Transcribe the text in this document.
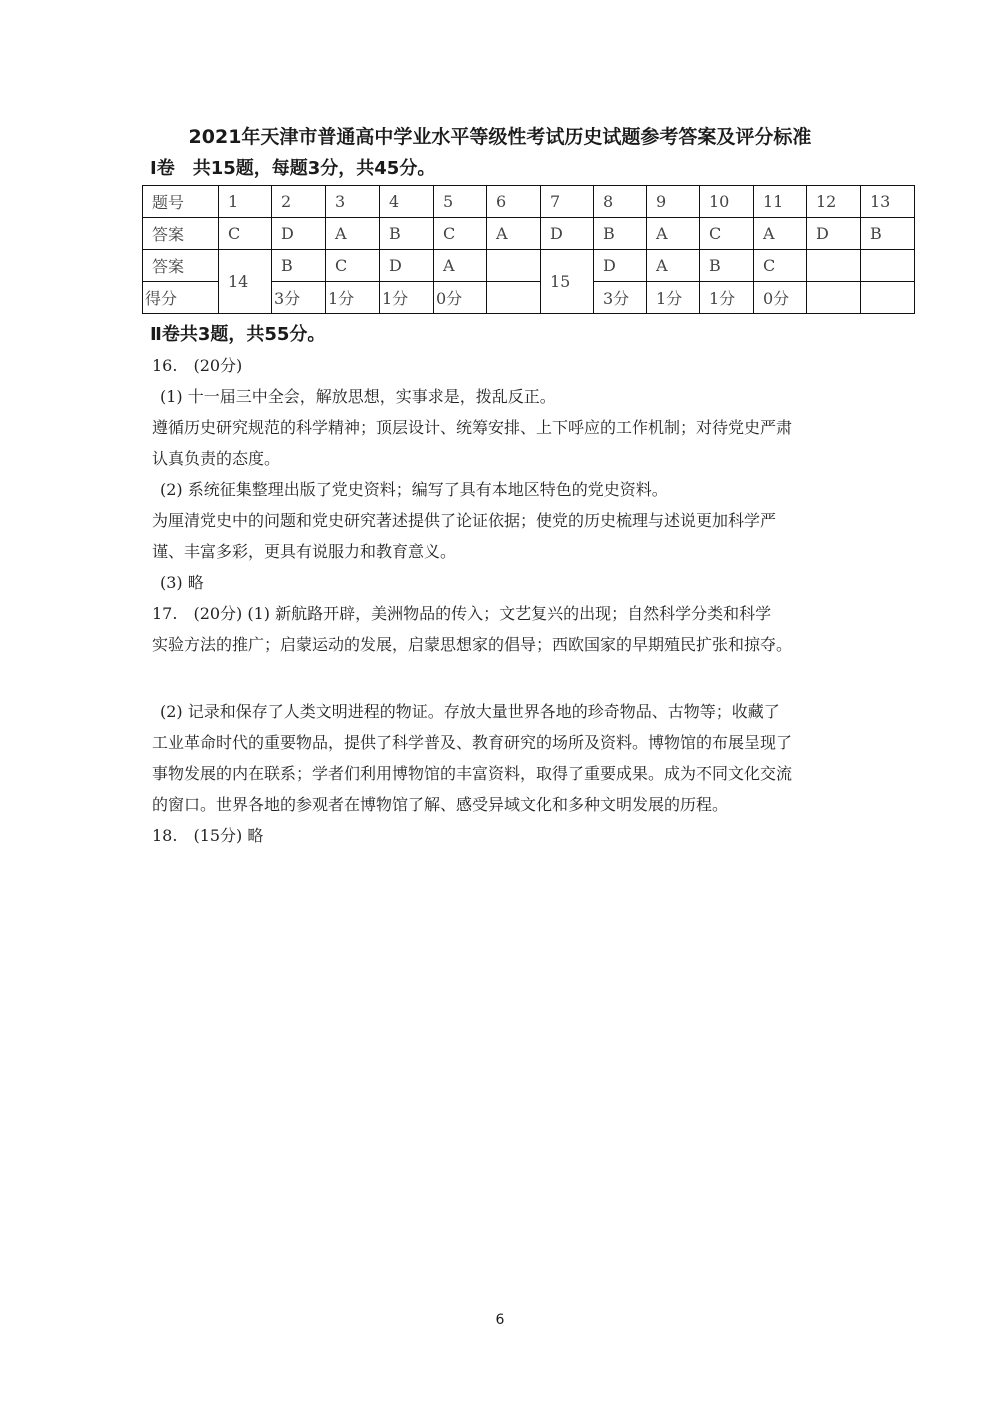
2021年天津市普通高中学业水平等级性考试历史试题参考答案及评分标准
Ⅰ卷　共15题，每题3分，共45分。
题号	1	2	3	4	5	6	7	8	9	10	11	12	13
答案	C	D	A	B	C	A	D	B	A	C	A	D	B
答案	14	B	C	D	A		15	D	A	B	C		
得分		3分	1分	1分	0分			3分	1分	1分	0分		
Ⅱ卷共3题，共55分。
16.　(20分)
(1) 十一届三中全会，解放思想，实事求是，拨乱反正。
遵循历史研究规范的科学精神；顶层设计、统筹安排、上下呼应的工作机制；对待党史严肃
认真负责的态度。
(2) 系统征集整理出版了党史资料；编写了具有本地区特色的党史资料。
为厘清党史中的问题和党史研究著述提供了论证依据；使党的历史梳理与述说更加科学严
谨、丰富多彩，更具有说服力和教育意义。
(3) 略
17.　(20分) (1) 新航路开辟，美洲物品的传入；文艺复兴的出现；自然科学分类和科学
实验方法的推广；启蒙运动的发展，启蒙思想家的倡导；西欧国家的早期殖民扩张和掠夺。
(2) 记录和保存了人类文明进程的物证。存放大量世界各地的珍奇物品、古物等；收藏了
工业革命时代的重要物品，提供了科学普及、教育研究的场所及资料。博物馆的布展呈现了
事物发展的内在联系；学者们利用博物馆的丰富资料，取得了重要成果。成为不同文化交流
的窗口。世界各地的参观者在博物馆了解、感受异域文化和多种文明发展的历程。
18.　(15分) 略
6
